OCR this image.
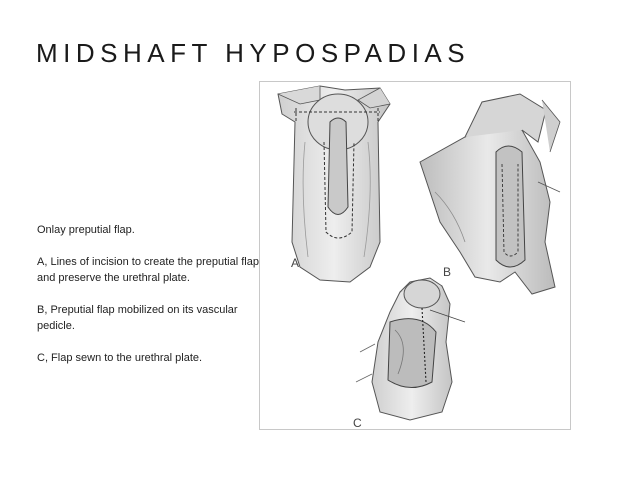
MIDSHAFT HYPOSPADIAS

Onlay preputial flap.

A, Lines of incision to create the preputial flap and preserve the urethral plate.

B, Preputial flap mobilized on its vascular pedicle.

C, Flap sewn to the urethral plate.

A
B
C
